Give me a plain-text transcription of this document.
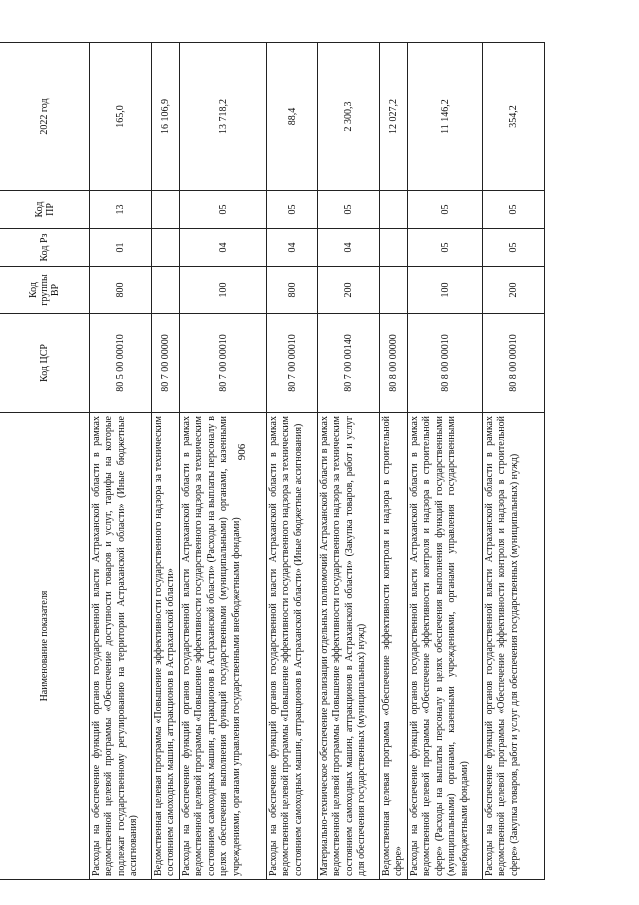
906
Наименование показателя	Код ЦСР	Код группы ВР	Код Рз	Код ПР	2022 год
Расходы на обеспечение функций органов государственной власти Астраханской области в рамках ведомственной целевой программы «Обеспечение доступности товаров и услуг, тарифы на которые подлежат государственному регулированию на территории Астраханской области» (Иные бюджетные ассигнования)	80 5 00 00010	800	01	13	165,0
Ведомственная целевая программа «Повышение эффективности государственного надзора за техническим состоянием самоходных машин, аттракционов в Астраханской области»	80 7 00 00000				16 106,9
Расходы на обеспечение функций органов государственной власти Астраханской области в рамках ведомственной целевой программы «Повышение эффективности государственного надзора за техническим состоянием самоходных машин, аттракционов в Астраханской области» (Расходы на выплаты персоналу в целях обеспечения выполнения функций государственными (муниципальными) органами, казенными учреждениями, органами управления государственными внебюджетными фондами)	80 7 00 00010	100	04	05	13 718,2
Расходы на обеспечение функций органов государственной власти Астраханской области в рамках ведомственной целевой программы «Повышение эффективности государственного надзора за техническим состоянием самоходных машин, аттракционов в Астраханской области» (Иные бюджетные ассигнования)	80 7 00 00010	800	04	05	88,4
Материально-техническое обеспечение реализации отдельных полномочий Астраханской области в рамках ведомственной целевой программы «Повышение эффективности государственного надзора за техническим состоянием самоходных машин, аттракционов в Астраханской области» (Закупка товаров, работ и услуг для обеспечения государственных (муниципальных) нужд)	80 7 00 00140	200	04	05	2 300,3
Ведомственная целевая программа «Обеспечение эффективности контроля и надзора в строительной сфере»	80 8 00 00000				12 027,2
Расходы на обеспечение функций органов государственной власти Астраханской области в рамках ведомственной целевой программы «Обеспечение эффективности контроля и надзора в строительной сфере» (Расходы на выплаты персоналу в целях обеспечения выполнения функций государственными (муниципальными) органами, казенными учреждениями, органами управления государственными внебюджетными фондами)	80 8 00 00010	100	05	05	11 146,2
Расходы на обеспечение функций органов государственной власти Астраханской области в рамках ведомственной целевой программы «Обеспечение эффективности контроля и надзора в строительной сфере» (Закупка товаров, работ и услуг для обеспечения государственных (муниципальных) нужд)	80 8 00 00010	200	05	05	354,2
